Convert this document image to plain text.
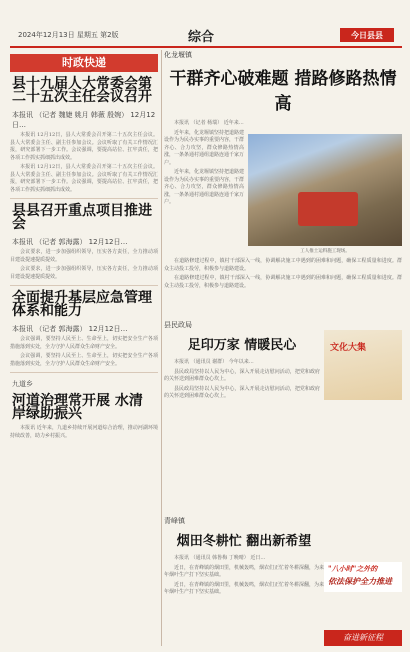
2024年12月13日 星期五 第2版	综合	今日县县
时政快递
县十九届人大常委会第二十五次主任会议召开
本报讯 （记者 魏婕 姚月 韩薇 殷婉） 12月12日…

本报讯 12月12日，县人大常委会召开第二十五次主任会议。县人大常委会主任、副主任参加会议。会议听取了有关工作情况汇报，研究部署下一步工作。会议强调，要提高站位、扛牢责任，把各项工作抓实抓细抓出成效。

本报讯 12月12日，县人大常委会召开第二十五次主任会议。县人大常委会主任、副主任参加会议。会议听取了有关工作情况汇报，研究部署下一步工作。会议强调，要提高站位、扛牢责任，把各项工作抓实抓细抓出成效。

县县召开重点项目推进会
本报讯 （记者 郭海露） 12月12日…

会议要求，进一步加强组织领导，压实各方责任，全力推动项目建设提速提质提效。

会议要求，进一步加强组织领导，压实各方责任，全力推动项目建设提速提质提效。

全面提升基层应急管理体系和能力
本报讯 （记者 郭海露） 12月12日…

会议强调，要坚持人民至上、生命至上，切实把安全生产各项措施落到实处，全力守护人民群众生命财产安全。

会议强调，要坚持人民至上、生命至上，切实把安全生产各项措施落到实处，全力守护人民群众生命财产安全。

九道乡
河道治理常开展 水清岸绿助振兴

本报讯 近年来，九道乡持续开展河道综合治理，推动河湖环境持续改善，助力乡村振兴。

化龙堰镇
干群齐心破难题 措路修路热情高

本报讯 （记者 杨瑞） 近年来…

近年来，化龙堰镇坚持把道路建设作为为民办实事的重要内容，干群齐心、合力攻坚，群众修路热情高涨，一条条通村通组道路连通千家万户。

近年来，化龙堰镇坚持把道路建设作为为民办实事的重要内容，干群齐心、合力攻坚，群众修路热情高涨，一条条通村通组道路连通千家万户。

工人推土运料施工现场。

在道路修建过程中，镇村干部深入一线，协调解决施工中遇到的困难和问题，确保工程质量和进度。群众主动投工投劳，积极参与道路建设。

在道路修建过程中，镇村干部深入一线，协调解决施工中遇到的困难和问题，确保工程质量和进度。群众主动投工投劳，积极参与道路建设。

县民政局
足印万家 情暖民心

本报讯 （通讯员 谢群） 今年以来…

县民政局坚持以人民为中心，深入开展走访慰问活动，把党和政府的关怀送到困难群众心坎上。

县民政局坚持以人民为中心，深入开展走访慰问活动，把党和政府的关怀送到困难群众心坎上。

文化大集
青峰镇
烟田冬耕忙 翻出新希望

本报讯 （通讯员 韩鲁梅 丁晚晴） 近日…

近日，在青峰镇的烟田里，机械轰鸣，烟农们正忙着冬耕深翻，为来年烟叶生产打下坚实基础。

近日，在青峰镇的烟田里，机械轰鸣，烟农们正忙着冬耕深翻，为来年烟叶生产打下坚实基础。

"八小时"之外的
依法保护全力推进
奋进新征程
